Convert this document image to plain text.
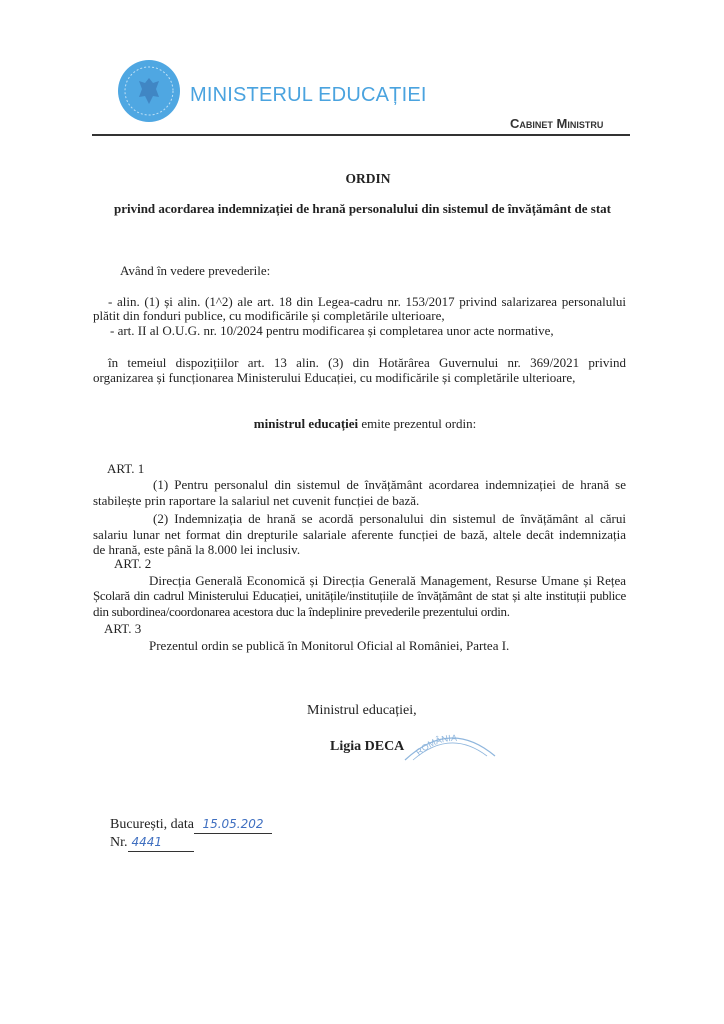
MINISTERUL EDUCAȚIEI
Cabinet Ministru
ORDIN
privind acordarea indemnizației de hrană personalului din sistemul de învățământ de stat
Având în vedere prevederile:
- alin. (1) și alin. (1^2) ale art. 18 din Legea-cadru nr. 153/2017 privind salarizarea personalului
plătit din fonduri publice, cu modificările și completările ulterioare,
- art. II al O.U.G. nr. 10/2024 pentru modificarea și completarea unor acte normative,
în temeiul dispozițiilor art. 13 alin. (3) din Hotărârea Guvernului nr. 369/2021 privind
organizarea și funcționarea Ministerului Educației, cu modificările și completările ulterioare,
ministrul educației emite prezentul ordin:
ART. 1
(1) Pentru personalul din sistemul de învățământ acordarea indemnizației de hrană se
stabilește prin raportare la salariul net cuvenit funcției de bază.
(2) Indemnizația de hrană se acordă personalului din sistemul de învățământ al cărui
salariu lunar net format din drepturile salariale aferente funcției de bază, altele decât indemnizația
de hrană, este până la 8.000 lei inclusiv.
ART. 2
Direcția Generală Economică și Direcția Generală Management, Resurse Umane și Rețea
Școlară din cadrul Ministerului Educației, unitățile/instituțiile de învățământ de stat și alte instituții publice
din subordinea/coordonarea acestora duc la îndeplinire prevederile prezentului ordin.
ART. 3
Prezentul ordin se publică în Monitorul Oficial al României, Partea I.
Ministrul educației,
Ligia DECA ROMÂNIA
București, data 15.05.202
Nr. 4441
